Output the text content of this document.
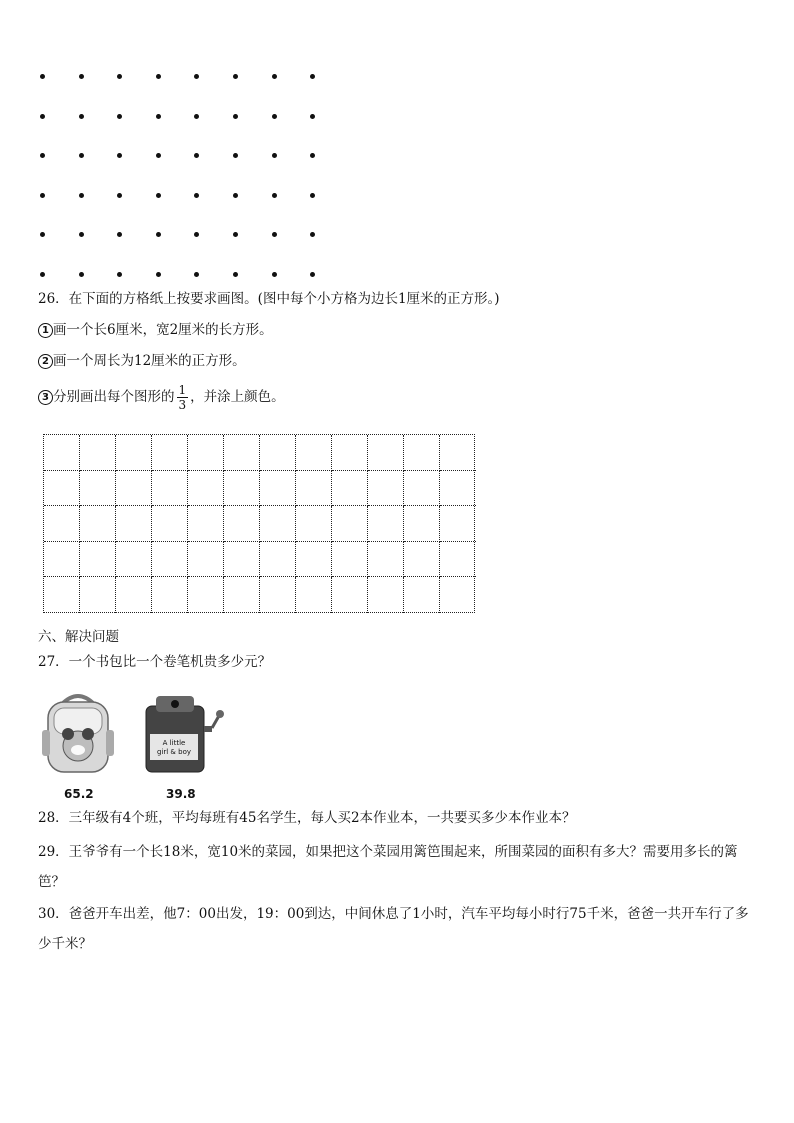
26．在下面的方格纸上按要求画图。(图中每个小方格为边长1厘米的正方形。)
1 画一个长6厘米，宽2厘米的长方形。
2 画一个周长为12厘米的正方形。
3 分别画出每个图形的 $\frac{1}{3}$ ，并涂上颜色。
六、解决问题
27．一个书包比一个卷笔机贵多少元？
65.2
A little
girl & boy
39.8
28．三年级有4个班，平均每班有45名学生，每人买2本作业本，一共要买多少本作业本？
29．王爷爷有一个长18米，宽10米的菜园，如果把这个菜园用篱笆围起来，所围菜园的面积有多大？需要用多长的篱笆？
30．爸爸开车出差，他7：00出发，19：00到达，中间休息了1小时，汽车平均每小时行75千米，爸爸一共开车行了多少千米？
